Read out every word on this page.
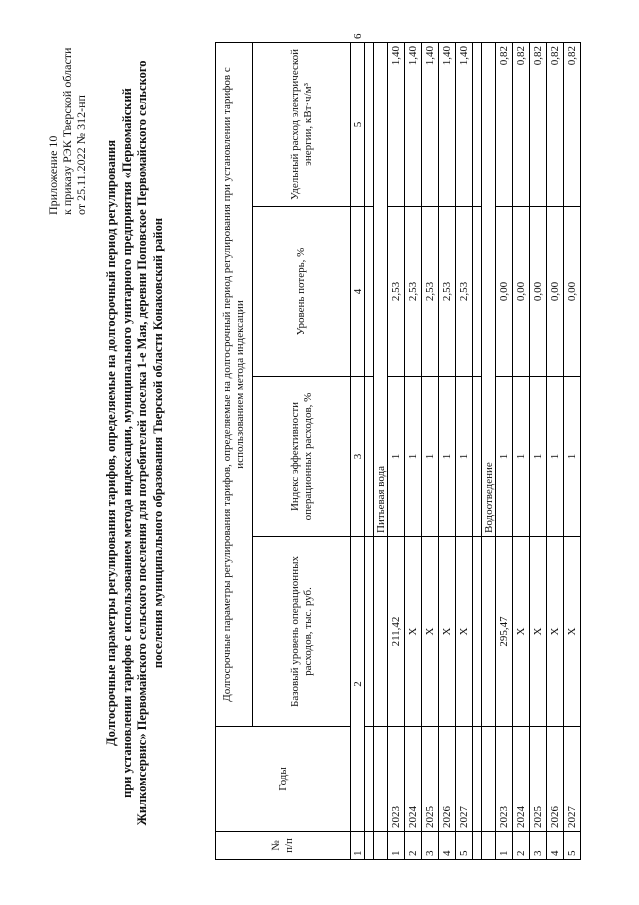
Приложение 10 к приказу РЭК Тверской области от 25.11.2022 № 312-нп Долгосрочные параметры регулирования тарифов, определяемые на долгосрочный период регулирования при установлении тарифов с использованием метода индексации, муниципального унитарного предприятия «Первомайский Жилкомсервис» Первомайского сельского поселения для потребителей поселка 1-е Мая, деревни Поповское Первомайского сельского поселения муниципального образования Тверской области Конаковский район
№ п/п	Годы	Долгосрочные параметры регулирования тарифов, определяемые на долгосрочный период регулирования при установлении тарифов с использованием метода индексации				
		Базовый уровень операционных расходов, тыс. руб.	Индекс эффективности операционных расходов, %	Уровень потерь, %	Удельный расход электрической энергии, кВт·ч/м³	
1	2		3	4	5	6

			Питьевая вода			
1	2023	211,42	1	2,53	1,40	
2	2024	X	1	2,53	1,40	
3	2025	X	1	2,53	1,40	
4	2026	X	1	2,53	1,40	
5	2027	X	1	2,53	1,40	

			Водоотведение			
1	2023	295,47	1	0,00	0,82	
2	2024	X	1	0,00	0,82	
3	2025	X	1	0,00	0,82	
4	2026	X	1	0,00	0,82	
5	2027	X	1	0,00	0,82	
